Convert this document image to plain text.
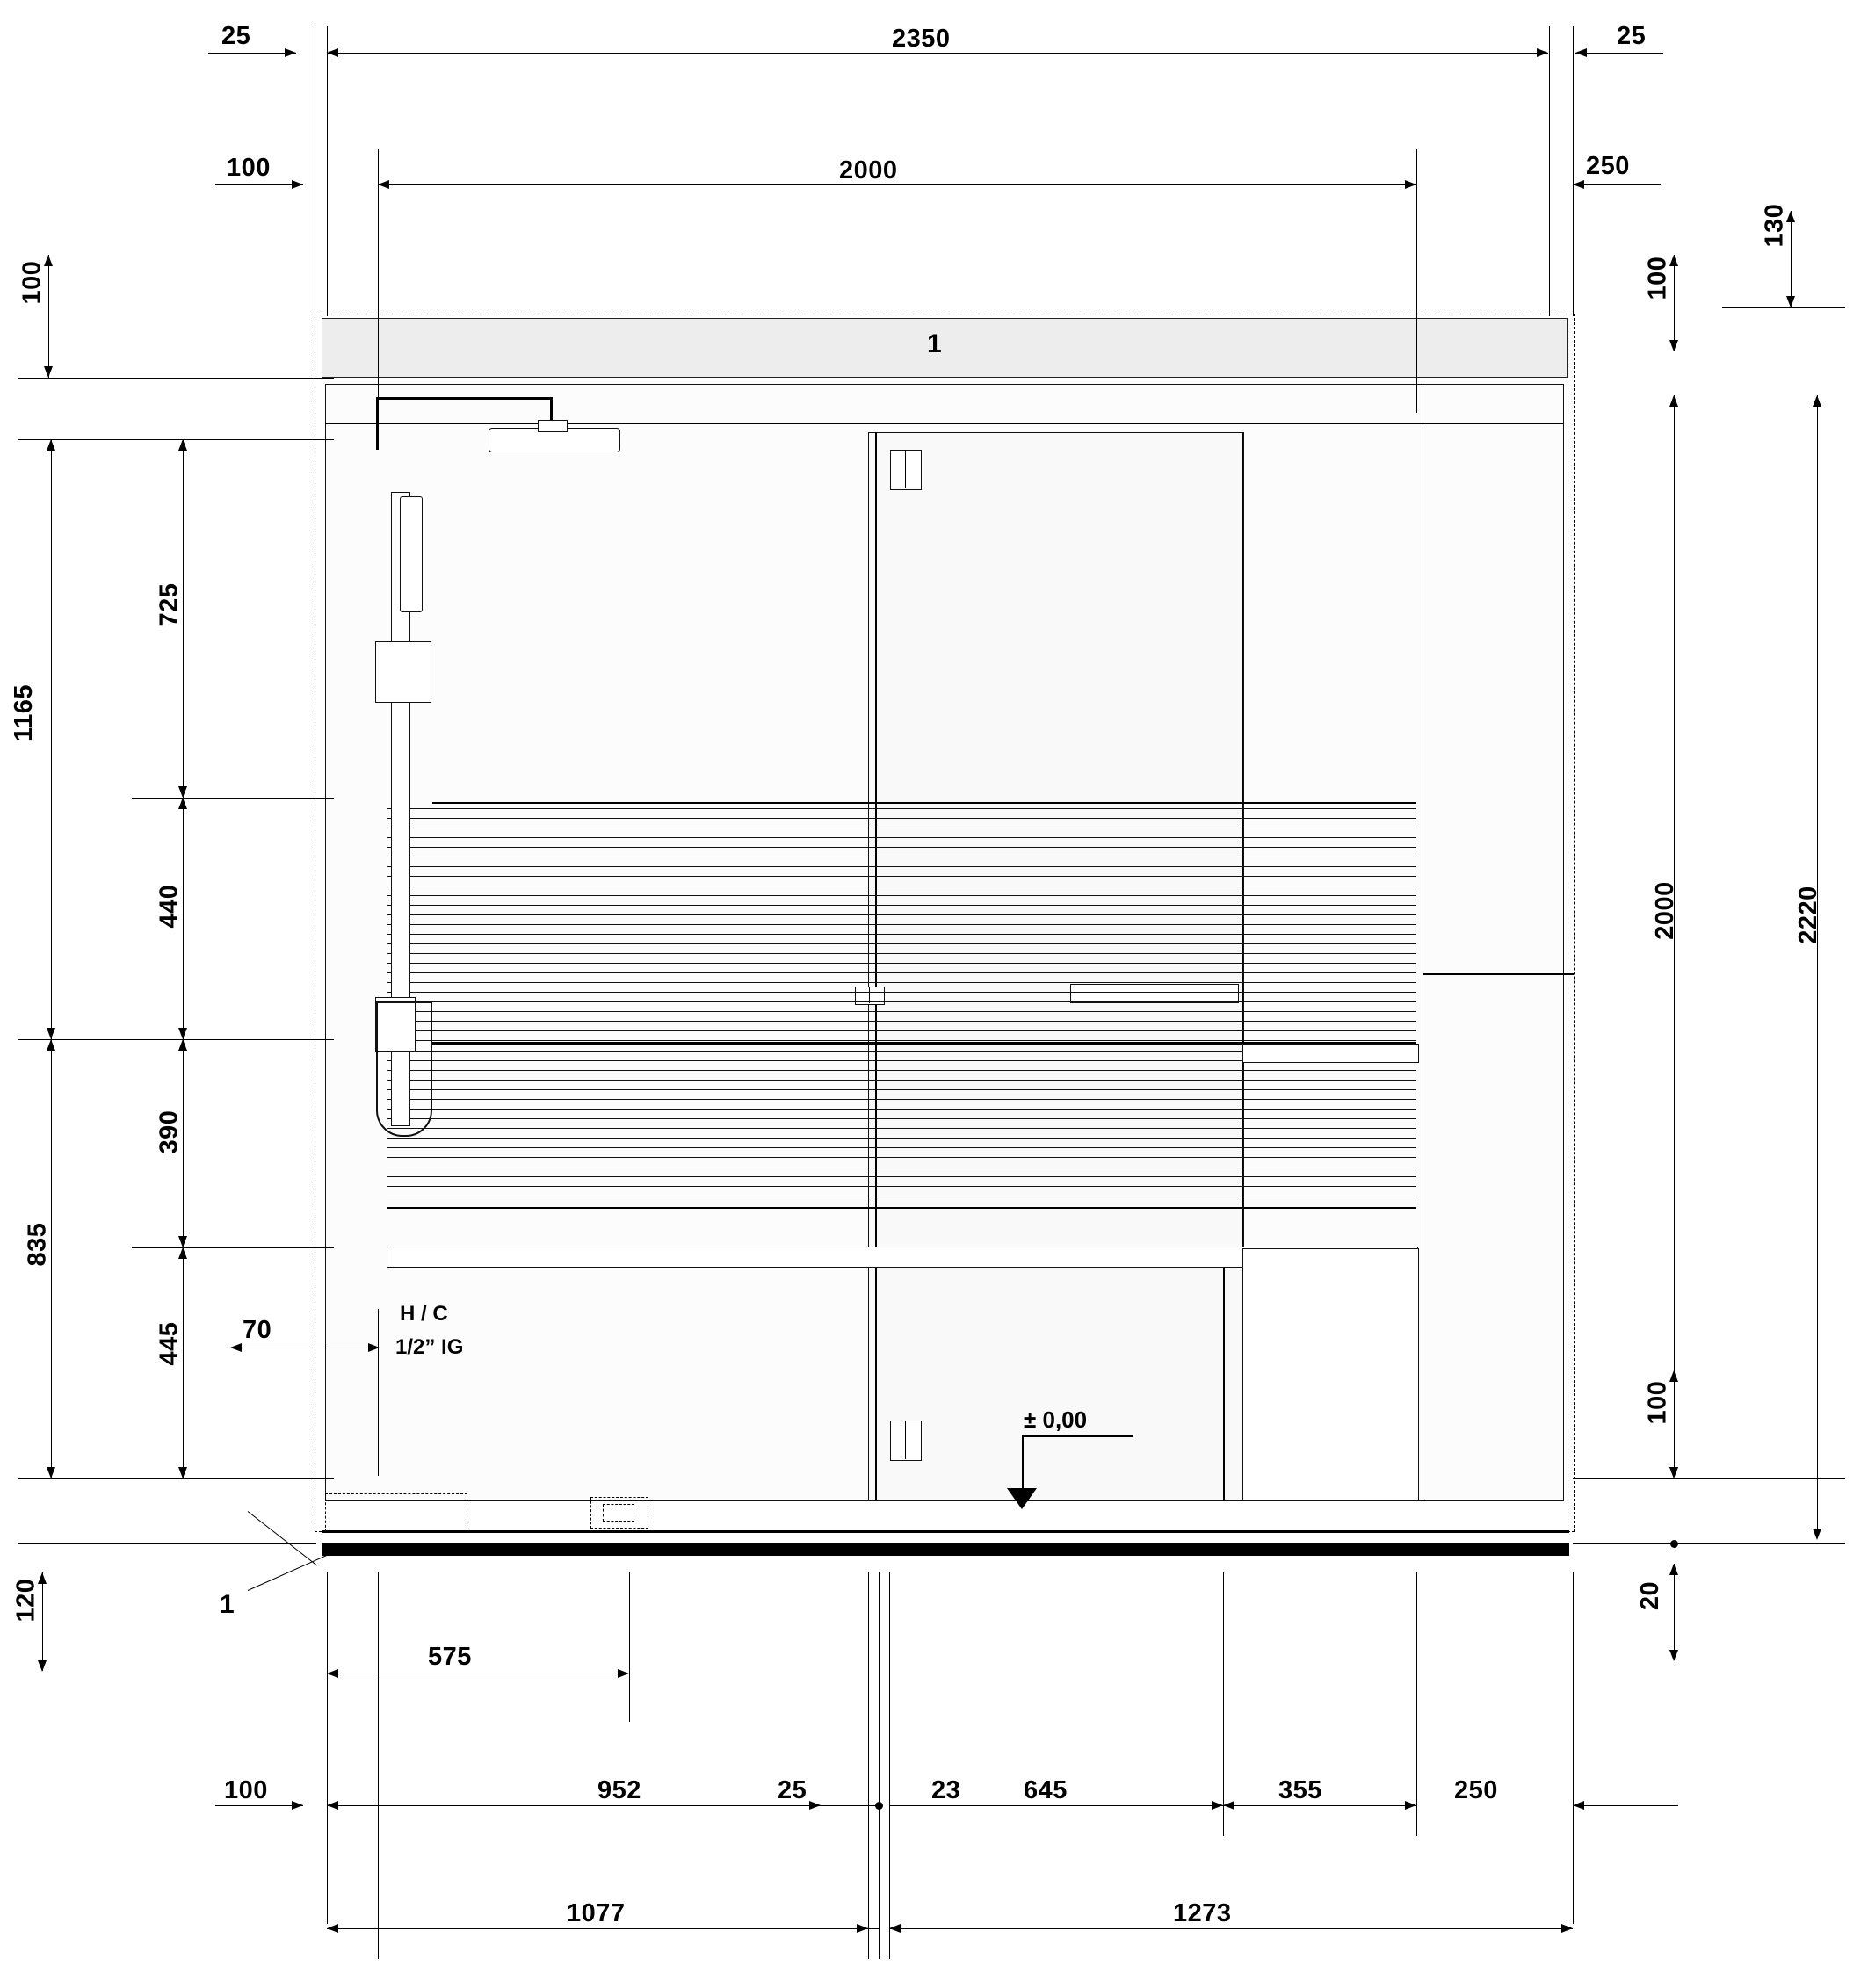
1
H / C
1/2” IG
± 0,00
1
2350
25	25
2000
100	250
130
100
100
1165
725
440
835
390
445 70
120
2000	2220
100
20
575
952	25	23 645	355	250
100
1077	1273
